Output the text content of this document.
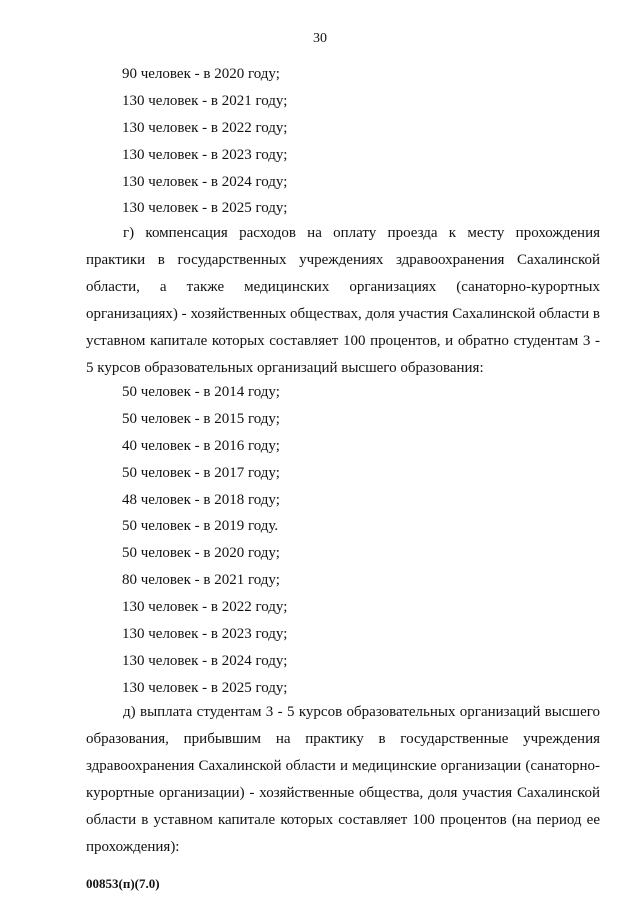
30
90 человек - в 2020 году;
130 человек - в 2021 году;
130 человек - в 2022 году;
130 человек - в 2023 году;
130 человек - в 2024 году;
130 человек - в 2025 году;

г) компенсация расходов на оплату проезда к месту прохождения практики в государственных учреждениях здравоохранения Сахалинской области, а также медицинских организациях (санаторно-курортных организациях) - хозяйственных обществах, доля участия Сахалинской области в уставном капитале которых составляет 100 процентов, и обратно студентам 3 - 5 курсов образовательных организаций высшего образования:

50 человек - в 2014 году;
50 человек - в 2015 году;
40 человек - в 2016 году;
50 человек - в 2017 году;
48 человек - в 2018 году;
50 человек - в 2019 году.
50 человек - в 2020 году;
80 человек - в 2021 году;
130 человек - в 2022 году;
130 человек - в 2023 году;
130 человек - в 2024 году;
130 человек - в 2025 году;

д) выплата студентам 3 - 5 курсов образовательных организаций высшего образования, прибывшим на практику в государственные учреждения здравоохранения Сахалинской области и медицинские организации (санаторно-курортные организации) - хозяйственные общества, доля участия Сахалинской области в уставном капитале которых составляет 100 процентов (на период ее прохождения):

00853(п)(7.0)
